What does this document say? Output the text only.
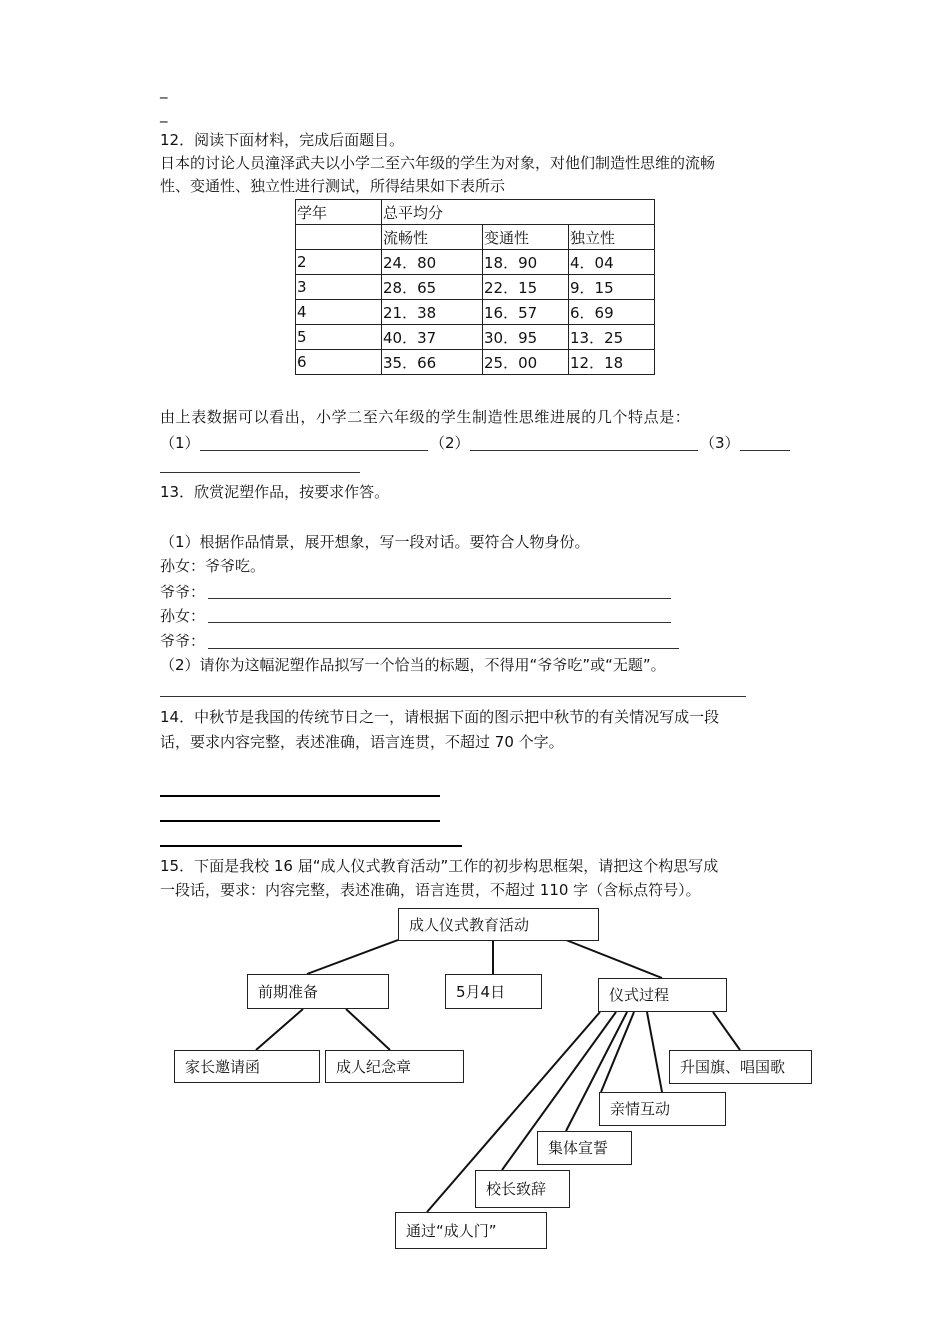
_
_
12．阅读下面材料，完成后面题目。
日本的讨论人员潼泽武夫以小学二至六年级的学生为对象，对他们制造性思维的流畅
性、变通性、独立性进行测试，所得结果如下表所示
学年	总平均分		
	流畅性	变通性	独立性
2	24．80	18．90	4．04
3	28．65	22．15	9．15
4	21．38	16．57	6．69
5	40．37	30．95	13．25
6	35．66	25．00	12．18
由上表数据可以看出，小学二至六年级的学生制造性思维进展的几个特点是：
（1）	（2）	（3）
13．欣赏泥塑作品，按要求作答。
（1）根据作品情景，展开想象，写一段对话。要符合人物身份。
孙女：爷爷吃。
爷爷：
孙女：
爷爷：
（2）请你为这幅泥塑作品拟写一个恰当的标题，不得用“爷爷吃”或“无题”。
14．中秋节是我国的传统节日之一，请根据下面的图示把中秋节的有关情况写成一段
话，要求内容完整，表述准确，语言连贯，不超过 70 个字。
15．下面是我校 16 届“成人仪式教育活动”工作的初步构思框架，请把这个构思写成
一段话，要求：内容完整，表述准确，语言连贯，不超过 110 字（含标点符号）。
成人仪式教育活动
前期准备	5月4日	仪式过程
家长邀请函	成人纪念章	升国旗、唱国歌
亲情互动
集体宣誓
校长致辞
通过“成人门”
